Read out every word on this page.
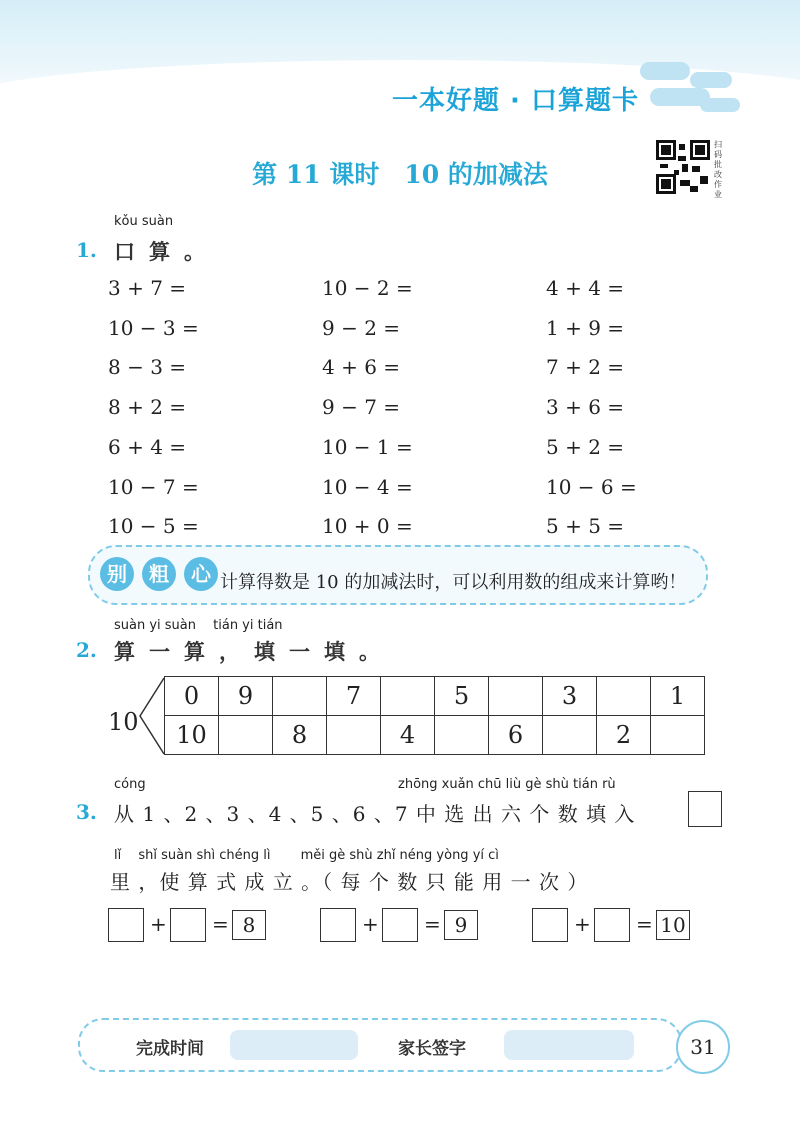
一本好题 · 口算题卡
扫码批改作业
第 11 课时　10 的加减法
kǒu suàn
1. 口算。
3 + 7 =	10 − 2 =	4 + 4 =
10 − 3 =	9 − 2 =	1 + 9 =
8 − 3 =	4 + 6 =	7 + 2 =
8 + 2 =	9 − 7 =	3 + 6 =
6 + 4 =	10 − 1 =	5 + 2 =
10 − 7 =	10 − 4 =	10 − 6 =
10 − 5 =	10 + 0 =	5 + 5 =
别	粗	心 计算得数是 10 的加减法时，可以利用数的组成来计算哟！
suàn yi suàn　 tián yi tián
2. 算一算，填一填。
10
0	9		7		5		3		1
10		8		4		6		2	
cóng	zhōng xuǎn chū liù gè shù tián rù
3. 从 1 、2 、3 、4 、5 、6 、7 中 选 出 六 个 数 填 入
lǐ　 shǐ suàn shì chéng lì　　 měi gè shù zhǐ néng yòng yí cì
里 ，使 算 式 成 立 。（ 每 个 数 只 能 用 一 次 ）
+ = 8	+ = 9	+ = 10
完成时间	家长签字	31
